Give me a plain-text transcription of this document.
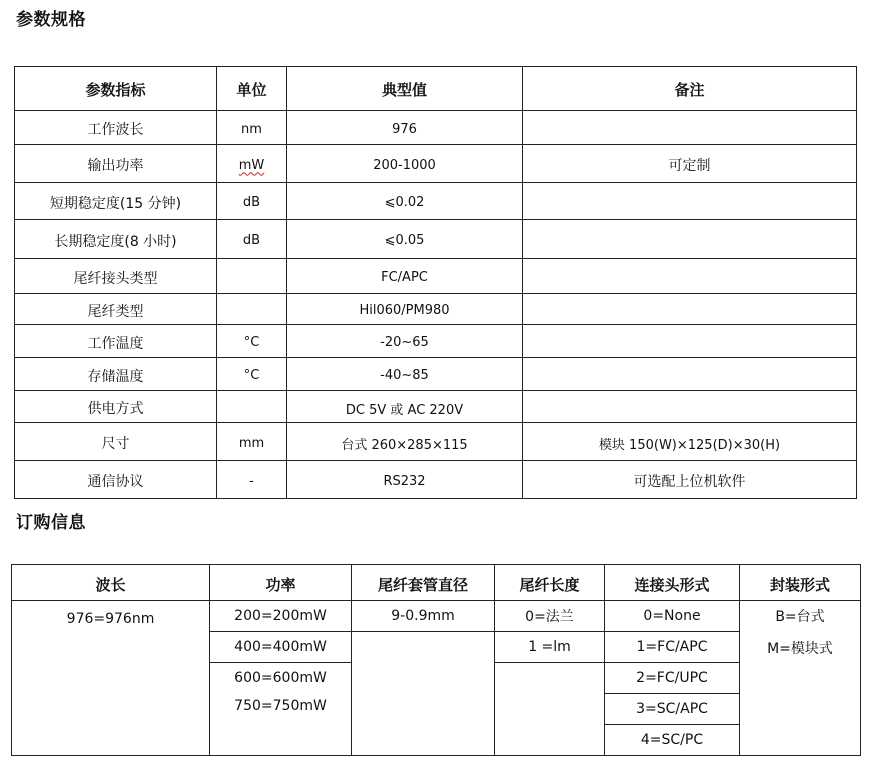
参数规格
参数指标	单位	典型值	备注
工作波长	nm	976	
输出功率	mW	200-1000	可定制
短期稳定度(15 分钟)	dB	⩽0.02	
长期稳定度(8 小时)	dB	⩽0.05	
尾纤接头类型		FC/APC	
尾纤类型		Hil060/PM980	
工作温度	°C	-20~65	
存储温度	°C	-40~85	
供电方式		DC 5V 或 AC 220V	
尺寸	mm	台式 260×285×115	模块 150(W)×125(D)×30(H)
通信协议	-	RS232	可选配上位机软件
订购信息
波长	功率	尾纤套管直径	尾纤长度	连接头形式	封装形式
976=976nm	200=200mW	9-0.9mm	0=法兰	0=None	B=台式
	400=400mW		1 =lm	1=FC/APC	M=模块式
	600=600mW			2=FC/UPC	
	750=750mW			3=SC/APC	
				4=SC/PC	
